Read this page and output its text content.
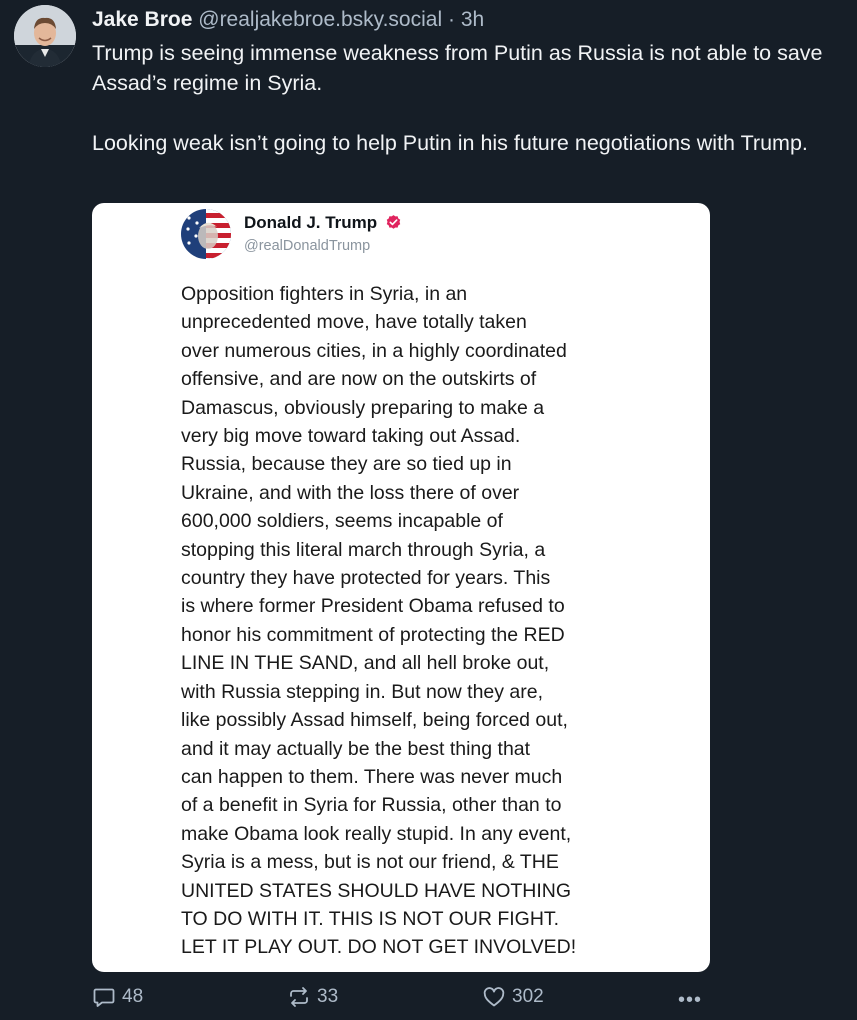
Jake Broe @realjakebroe.bsky.social · 3h

Trump is seeing immense weakness from Putin as Russia is not able to save Assad’s regime in Syria.

Looking weak isn’t going to help Putin in his future negotiations with Trump.

Donald J. Trump
@realDonaldTrump
Opposition fighters in Syria, in an
unprecedented move, have totally taken
over numerous cities, in a highly coordinated
offensive, and are now on the outskirts of
Damascus, obviously preparing to make a
very big move toward taking out Assad.
Russia, because they are so tied up in
Ukraine, and with the loss there of over
600,000 soldiers, seems incapable of
stopping this literal march through Syria, a
country they have protected for years. This
is where former President Obama refused to
honor his commitment of protecting the RED
LINE IN THE SAND, and all hell broke out,
with Russia stepping in. But now they are,
like possibly Assad himself, being forced out,
and it may actually be the best thing that
can happen to them. There was never much
of a benefit in Syria for Russia, other than to
make Obama look really stupid. In any event,
Syria is a mess, but is not our friend, & THE
UNITED STATES SHOULD HAVE NOTHING
TO DO WITH IT. THIS IS NOT OUR FIGHT.
LET IT PLAY OUT. DO NOT GET INVOLVED!
48	33	302	•••
